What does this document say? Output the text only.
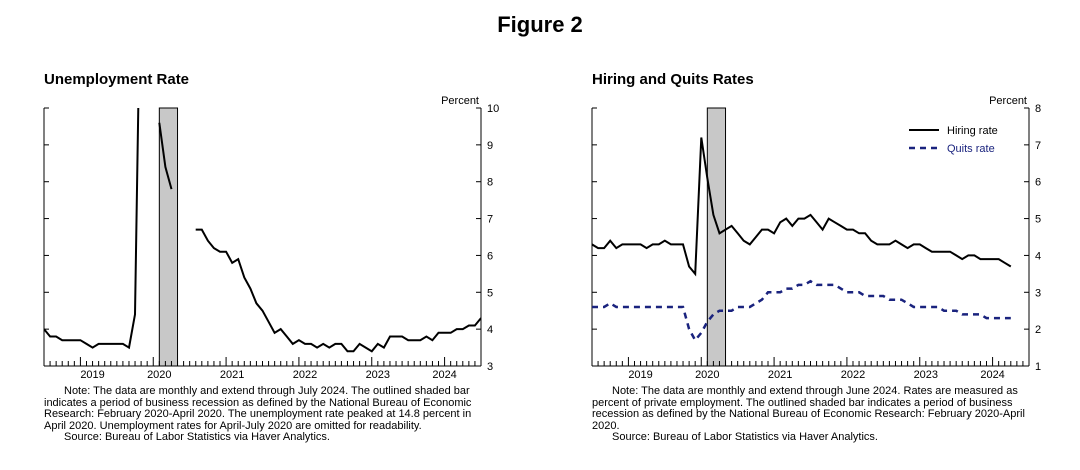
Figure 2
Unemployment Rate	Hiring and Quits Rates
Percent
3
4
5
6
7
8
9
10
2019	2020	2021	2022	2023	2024
Percent
1
2
3
4
5
6
7
8
2019	2020	2021	2022	2023	2024
Hiring rate
Quits rate
Note: The data are monthly and extend through July 2024. The outlined shaded bar indicates a period of business recession as defined by the National Bureau of Economic Research: February 2020-April 2020. The unemployment rate peaked at 14.8 percent in April 2020. Unemployment rates for April-July 2020 are omitted for readability.
Source: Bureau of Labor Statistics via Haver Analytics.
Note: The data are monthly and extend through June 2024. Rates are measured as percent of private employment. The outlined shaded bar indicates a period of business recession as defined by the National Bureau of Economic Research: February 2020-April 2020.
Source: Bureau of Labor Statistics via Haver Analytics.
